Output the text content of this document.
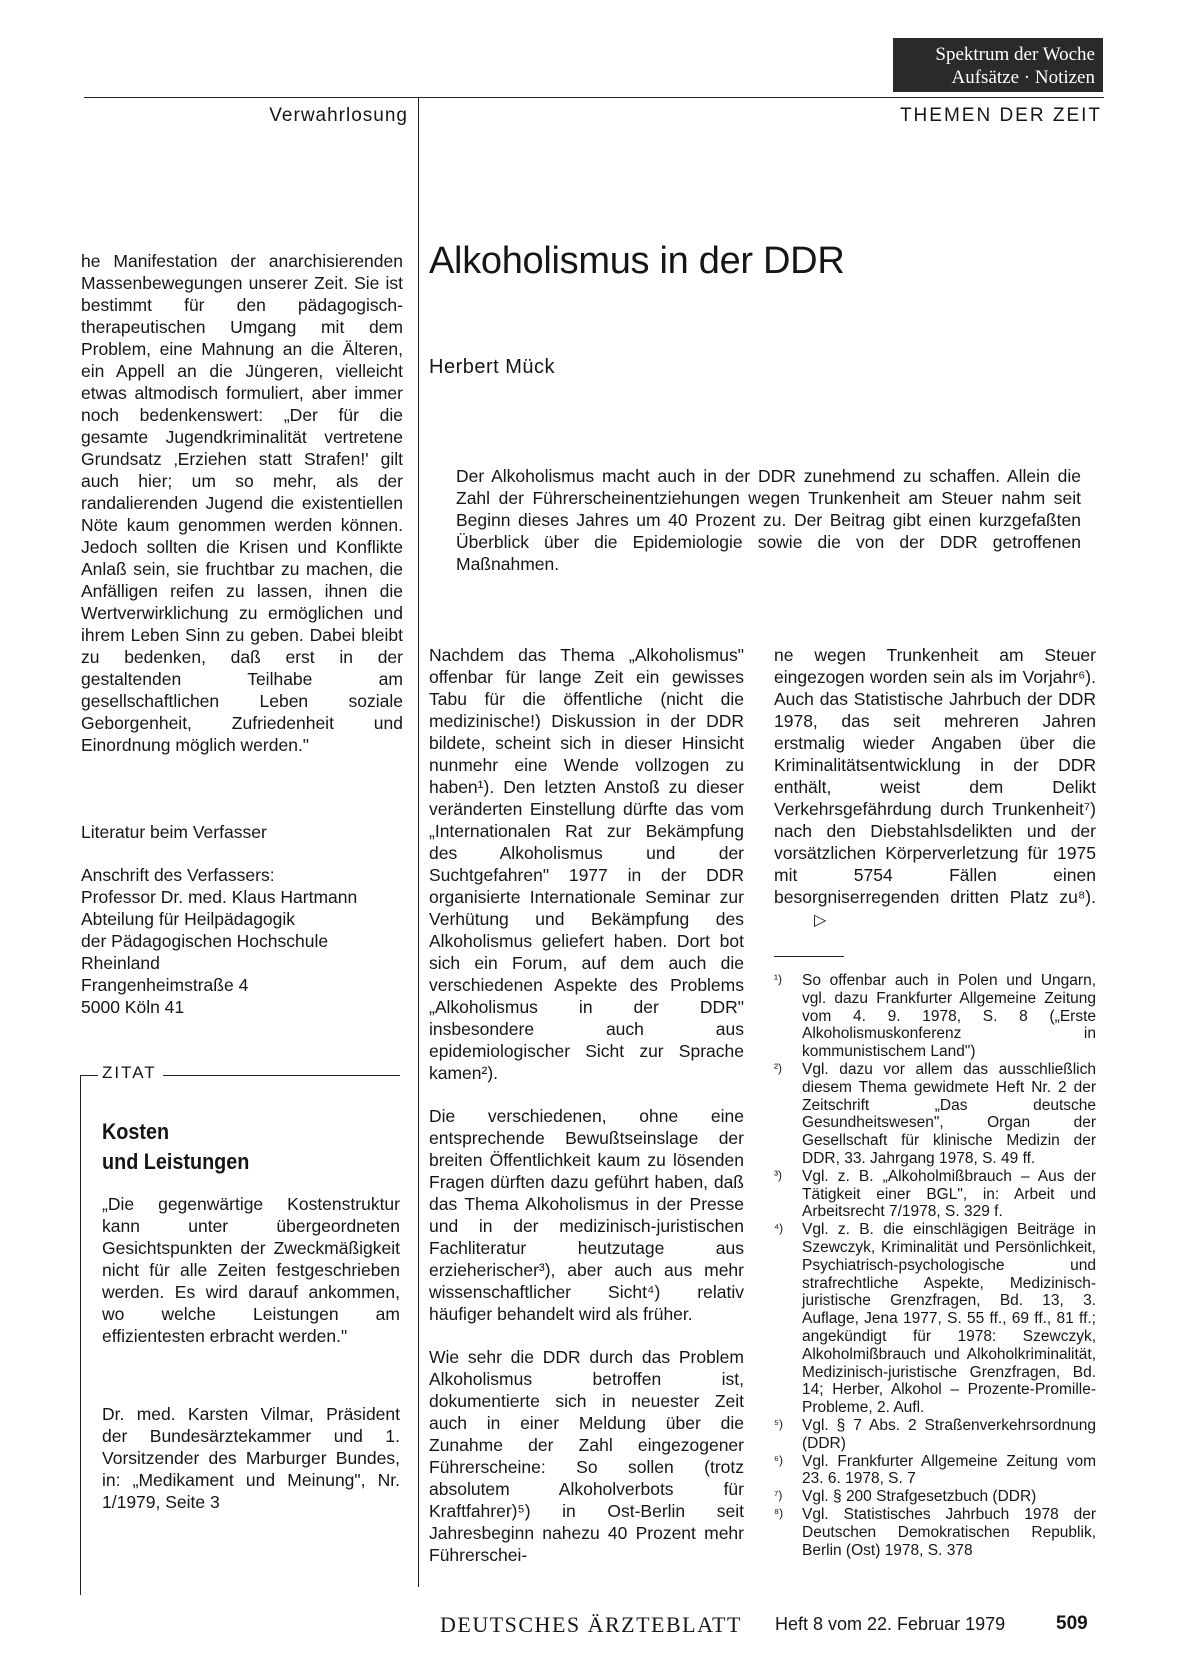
Spektrum der Woche
Aufsätze · Notizen
Verwahrlosung	THEMEN DER ZEIT

he Manifestation der anarchisierenden Massenbewegungen unserer Zeit. Sie ist bestimmt für den pädagogisch-therapeutischen Umgang mit dem Problem, eine Mahnung an die Älteren, ein Appell an die Jüngeren, vielleicht etwas altmodisch formuliert, aber immer noch bedenkenswert: „Der für die gesamte Jugendkriminalität vertretene Grundsatz ‚Erziehen statt Strafen!' gilt auch hier; um so mehr, als der randalierenden Jugend die existentiellen Nöte kaum genommen werden können. Jedoch sollten die Krisen und Konflikte Anlaß sein, sie fruchtbar zu machen, die Anfälligen reifen zu lassen, ihnen die Wertverwirklichung zu ermöglichen und ihrem Leben Sinn zu geben. Dabei bleibt zu bedenken, daß erst in der gestaltenden Teilhabe am gesellschaftlichen Leben soziale Geborgenheit, Zufriedenheit und Einordnung möglich werden."

Literatur beim Verfasser
Anschrift des Verfassers:
Professor Dr. med. Klaus Hartmann
Abteilung für Heilpädagogik
der Pädagogischen Hochschule
Rheinland
Frangenheimstraße 4
5000 Köln 41
ZITAT
Kosten
und Leistungen
„Die gegenwärtige Kostenstruktur kann unter übergeordneten Gesichtspunkten der Zweckmäßigkeit nicht für alle Zeiten festgeschrieben werden. Es wird darauf ankommen, wo welche Leistungen am effizientesten erbracht werden."
Dr. med. Karsten Vilmar, Präsident der Bundesärztekammer und 1. Vorsitzender des Marburger Bundes, in: „Medikament und Meinung", Nr. 1/1979, Seite 3
Alkoholismus in der DDR
Herbert Mück
Der Alkoholismus macht auch in der DDR zunehmend zu schaffen. Allein die Zahl der Führerscheinentziehungen wegen Trunkenheit am Steuer nahm seit Beginn dieses Jahres um 40 Prozent zu. Der Beitrag gibt einen kurzgefaßten Überblick über die Epidemiologie sowie die von der DDR getroffenen Maßnahmen.

Nachdem das Thema „Alkoholismus" offenbar für lange Zeit ein gewisses Tabu für die öffentliche (nicht die medizinische!) Diskussion in der DDR bildete, scheint sich in dieser Hinsicht nunmehr eine Wende vollzogen zu haben¹). Den letzten Anstoß zu dieser veränderten Einstellung dürfte das vom „Internationalen Rat zur Bekämpfung des Alkoholismus und der Suchtgefahren" 1977 in der DDR organisierte Internationale Seminar zur Verhütung und Bekämpfung des Alkoholismus geliefert haben. Dort bot sich ein Forum, auf dem auch die verschiedenen Aspekte des Problems „Alkoholismus in der DDR" insbesondere auch aus epidemiologischer Sicht zur Sprache kamen²).

Die verschiedenen, ohne eine entsprechende Bewußtseinslage der breiten Öffentlichkeit kaum zu lösenden Fragen dürften dazu geführt haben, daß das Thema Alkoholismus in der Presse und in der medizinisch-juristischen Fachliteratur heutzutage aus erzieherischer³), aber auch aus mehr wissenschaftlicher Sicht⁴) relativ häufiger behandelt wird als früher.

Wie sehr die DDR durch das Problem Alkoholismus betroffen ist, dokumentierte sich in neuester Zeit auch in einer Meldung über die Zunahme der Zahl eingezogener Führerscheine: So sollen (trotz absolutem Alkoholverbots für Kraftfahrer)⁵) in Ost-Berlin seit Jahresbeginn nahezu 40 Prozent mehr Führerschei-

ne wegen Trunkenheit am Steuer eingezogen worden sein als im Vorjahr⁶). Auch das Statistische Jahrbuch der DDR 1978, das seit mehreren Jahren erstmalig wieder Angaben über die Kriminalitätsentwicklung in der DDR enthält, weist dem Delikt Verkehrsgefährdung durch Trunkenheit⁷) nach den Diebstahlsdelikten und der vorsätzlichen Körperverletzung für 1975 mit 5754 Fällen einen besorgniserregenden dritten Platz zu⁸).▷

¹)	So offenbar auch in Polen und Ungarn, vgl. dazu Frankfurter Allgemeine Zeitung vom 4. 9. 1978, S. 8 („Erste Alkoholismuskonferenz in kommunistischem Land")
²)	Vgl. dazu vor allem das ausschließlich diesem Thema gewidmete Heft Nr. 2 der Zeitschrift „Das deutsche Gesundheitswesen", Organ der Gesellschaft für klinische Medizin der DDR, 33. Jahrgang 1978, S. 49 ff.
³)	Vgl. z. B. „Alkoholmißbrauch – Aus der Tätigkeit einer BGL", in: Arbeit und Arbeitsrecht 7/1978, S. 329 f.
⁴)	Vgl. z. B. die einschlägigen Beiträge in Szewczyk, Kriminalität und Persönlichkeit, Psychiatrisch-psychologische und strafrechtliche Aspekte, Medizinisch-juristische Grenzfragen, Bd. 13, 3. Auflage, Jena 1977, S. 55 ff., 69 ff., 81 ff.; angekündigt für 1978: Szewczyk, Alkoholmißbrauch und Alkoholkriminalität, Medizinisch-juristische Grenzfragen, Bd. 14; Herber, Alkohol – Prozente-Promille-Probleme, 2. Aufl.
⁵)	Vgl. § 7 Abs. 2 Straßenverkehrsordnung (DDR)
⁶)	Vgl. Frankfurter Allgemeine Zeitung vom 23. 6. 1978, S. 7
⁷)	Vgl. § 200 Strafgesetzbuch (DDR)
⁸)	Vgl. Statistisches Jahrbuch 1978 der Deutschen Demokratischen Republik, Berlin (Ost) 1978, S. 378
DEUTSCHES ÄRZTEBLATT Heft 8 vom 22. Februar 1979	509
